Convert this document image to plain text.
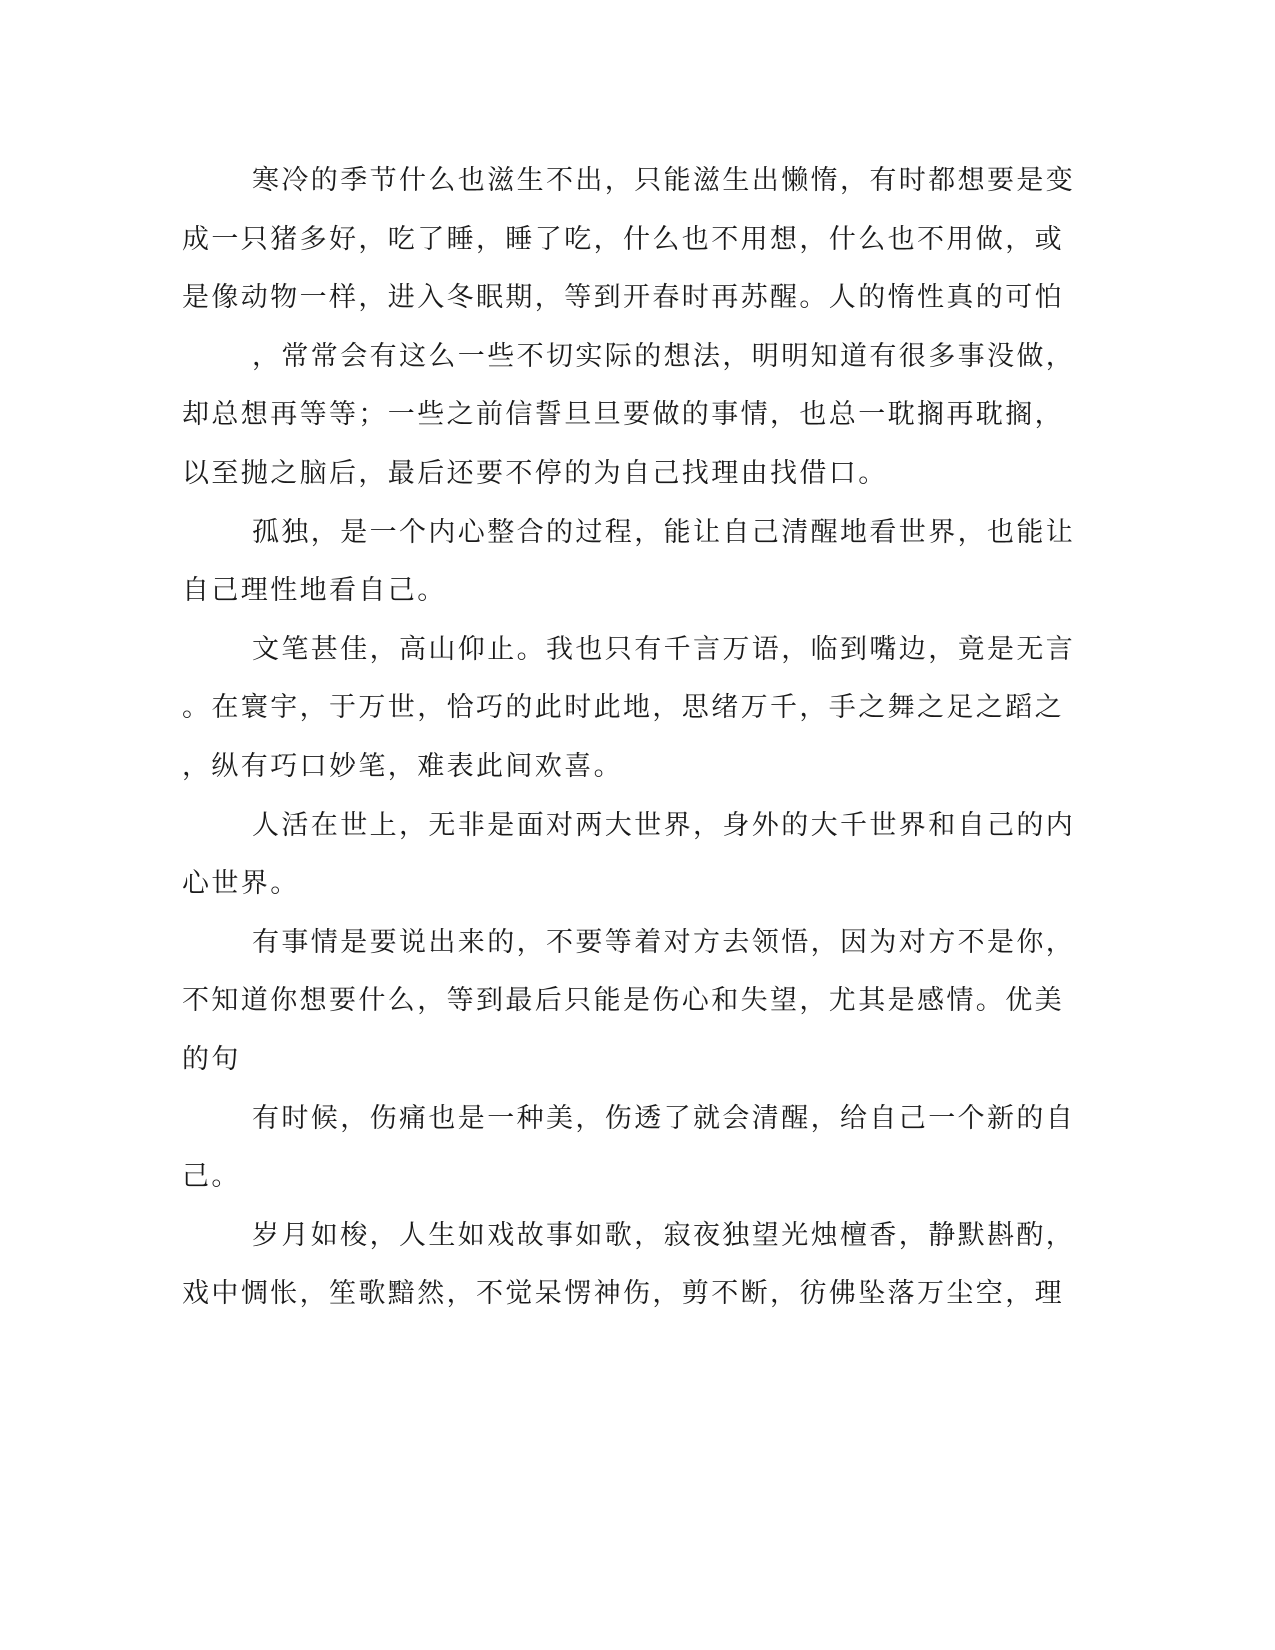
寒冷的季节什么也滋生不出，只能滋生出懒惰，有时都想要是变
成一只猪多好，吃了睡，睡了吃，什么也不用想，什么也不用做，或
是像动物一样，进入冬眠期，等到开春时再苏醒。人的惰性真的可怕
，常常会有这么一些不切实际的想法，明明知道有很多事没做，
却总想再等等；一些之前信誓旦旦要做的事情，也总一耽搁再耽搁，
以至抛之脑后，最后还要不停的为自己找理由找借口。
孤独，是一个内心整合的过程，能让自己清醒地看世界，也能让
自己理性地看自己。
文笔甚佳，高山仰止。我也只有千言万语，临到嘴边，竟是无言
。在寰宇，于万世，恰巧的此时此地，思绪万千，手之舞之足之蹈之
，纵有巧口妙笔，难表此间欢喜。
人活在世上，无非是面对两大世界，身外的大千世界和自己的内
心世界。
有事情是要说出来的，不要等着对方去领悟，因为对方不是你，
不知道你想要什么，等到最后只能是伤心和失望，尤其是感情。优美
的句
有时候，伤痛也是一种美，伤透了就会清醒，给自己一个新的自
己。
岁月如梭，人生如戏故事如歌，寂夜独望光烛檀香，静默斟酌，
戏中惆怅，笙歌黯然，不觉呆愣神伤，剪不断，彷佛坠落万尘空，理
